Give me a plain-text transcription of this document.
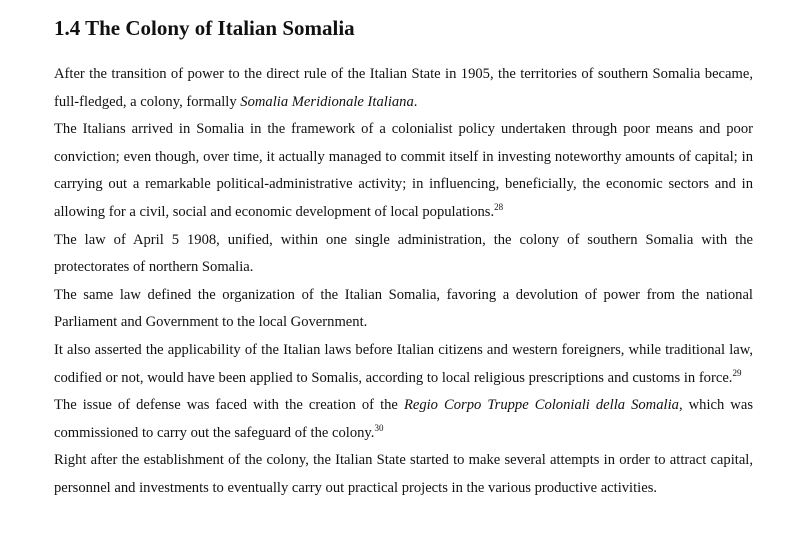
1.4 The Colony of Italian Somalia

After the transition of power to the direct rule of the Italian State in 1905, the territories of southern Somalia became, full-fledged, a colony, formally Somalia Meridionale Italiana.

The Italians arrived in Somalia in the framework of a colonialist policy undertaken through poor means and poor conviction; even though, over time, it actually managed to commit itself in investing noteworthy amounts of capital; in carrying out a remarkable political-administrative activity; in influencing, beneficially, the economic sectors and in allowing for a civil, social and economic development of local populations.$^{28}$

The law of April 5 1908, unified, within one single administration, the colony of southern Somalia with the protectorates of northern Somalia.

The same law defined the organization of the Italian Somalia, favoring a devolution of power from the national Parliament and Government to the local Government.

It also asserted the applicability of the Italian laws before Italian citizens and western foreigners, while traditional law, codified or not, would have been applied to Somalis, according to local religious prescriptions and customs in force.$^{29}$

The issue of defense was faced with the creation of the Regio Corpo Truppe Coloniali della Somalia, which was commissioned to carry out the safeguard of the colony.$^{30}$

Right after the establishment of the colony, the Italian State started to make several attempts in order to attract capital, personnel and investments to eventually carry out practical projects in the various productive activities.
